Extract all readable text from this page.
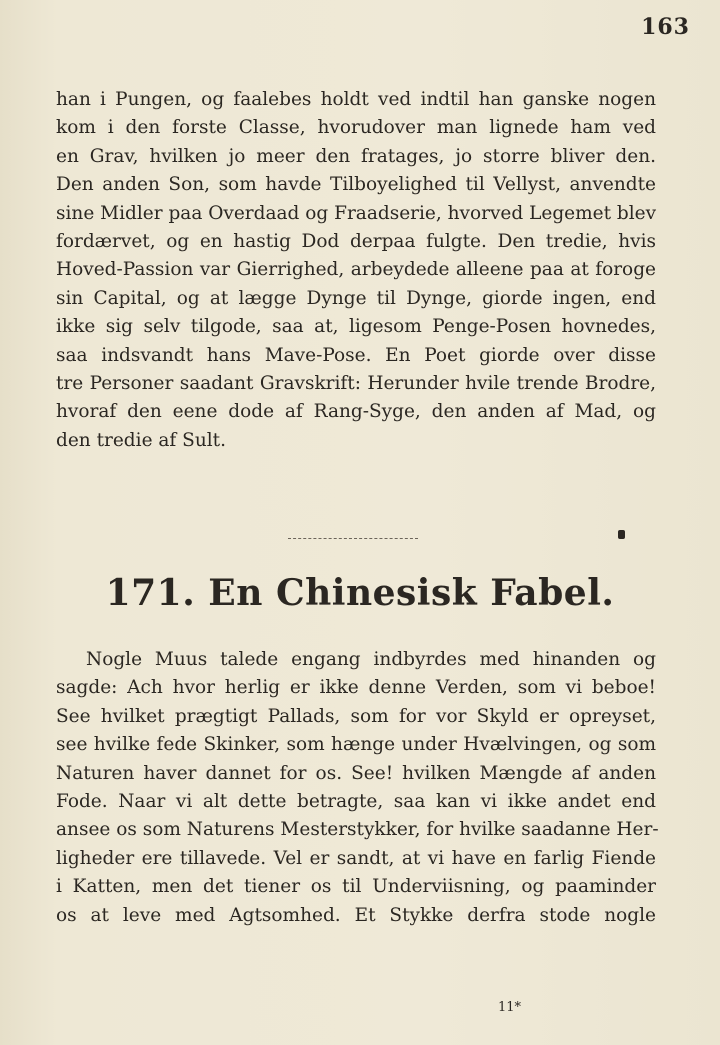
163
han i Pungen, og faalebes holdt ved indtil han ganske nogen
kom i den forste Classe, hvorudover man lignede ham ved
en Grav, hvilken jo meer den fratages, jo storre bliver den.
Den anden Son, som havde Tilboyelighed til Vellyst, anvendte
sine Midler paa Overdaad og Fraadserie, hvorved Legemet blev
fordærvet, og en hastig Dod derpaa fulgte. Den tredie, hvis
Hoved-Passion var Gierrighed, arbeydede alleene paa at foroge
sin Capital, og at lægge Dynge til Dynge, giorde ingen, end
ikke sig selv tilgode, saa at, ligesom Penge-Posen hovnedes,
saa indsvandt hans Mave-Pose. En Poet giorde over disse
tre Personer saadant Gravskrift: Herunder hvile trende Brodre,
hvoraf den eene dode af Rang-Syge, den anden af Mad, og
den tredie af Sult.
171. En Chinesisk Fabel.
Nogle Muus talede engang indbyrdes med hinanden og
sagde: Ach hvor herlig er ikke denne Verden, som vi beboe!
See hvilket prægtigt Pallads, som for vor Skyld er opreyset,
see hvilke fede Skinker, som hænge under Hvælvingen, og som
Naturen haver dannet for os. See! hvilken Mængde af anden
Fode. Naar vi alt dette betragte, saa kan vi ikke andet end
ansee os som Naturens Mesterstykker, for hvilke saadanne Her-
ligheder ere tillavede. Vel er sandt, at vi have en farlig Fiende
i Katten, men det tiener os til Underviisning, og paaminder
os at leve med Agtsomhed. Et Stykke derfra stode nogle
11*
